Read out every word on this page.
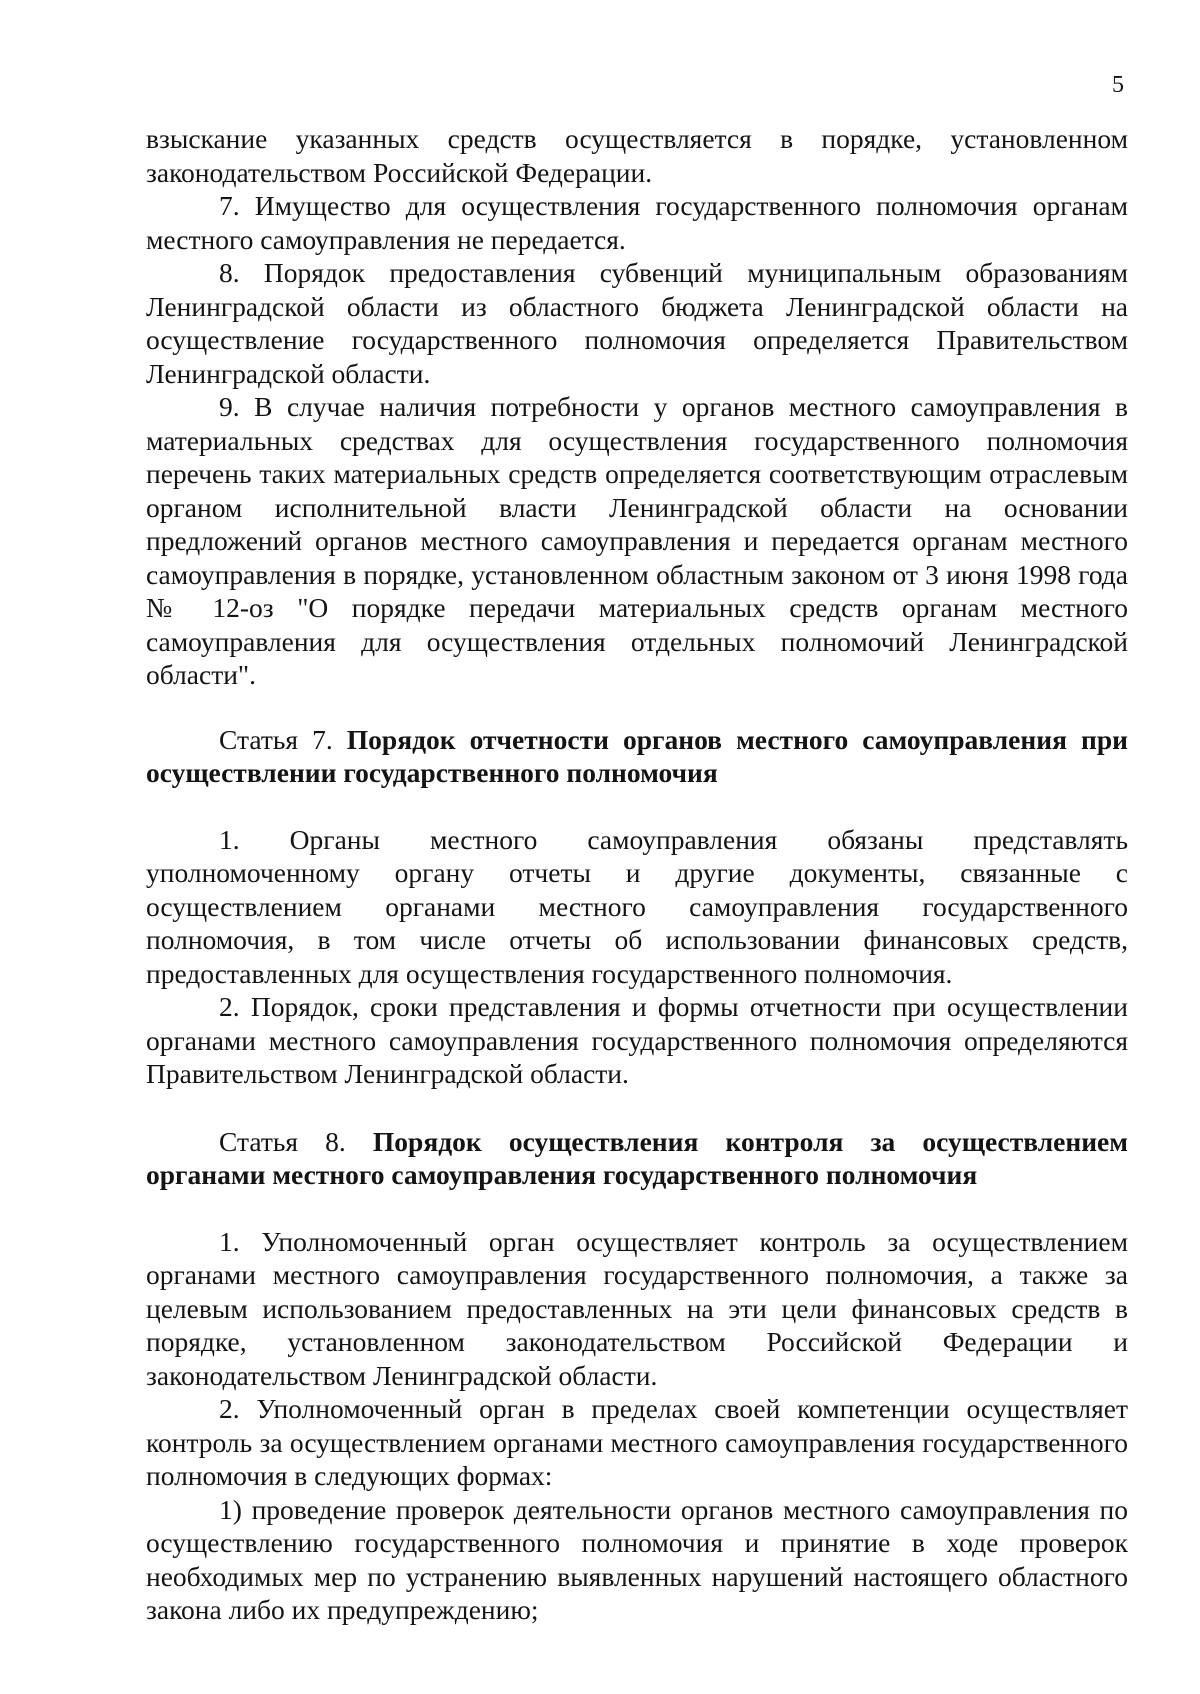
5

взыскание указанных средств осуществляется в порядке, установленном законодательством Российской Федерации.

7. Имущество для осуществления государственного полномочия органам местного самоуправления не передается.

8. Порядок предоставления субвенций муниципальным образованиям Ленинградской области из областного бюджета Ленинградской области на осуществление государственного полномочия определяется Правительством Ленинградской области.

9. В случае наличия потребности у органов местного самоуправления в материальных средствах для осуществления государственного полномочия перечень таких материальных средств определяется соответствующим отраслевым органом исполнительной власти Ленинградской области на основании предложений органов местного самоуправления и передается органам местного самоуправления в порядке, установленном областным законом от 3 июня 1998 года № 12-оз "О порядке передачи материальных средств органам местного самоуправления для осуществления отдельных полномочий Ленинградской области".

Статья 7. Порядок отчетности органов местного самоуправления при осуществлении государственного полномочия

1. Органы местного самоуправления обязаны представлять уполномоченному органу отчеты и другие документы, связанные с осуществлением органами местного самоуправления государственного полномочия, в том числе отчеты об использовании финансовых средств, предоставленных для осуществления государственного полномочия.

2. Порядок, сроки представления и формы отчетности при осуществлении органами местного самоуправления государственного полномочия определяются Правительством Ленинградской области.

Статья 8. Порядок осуществления контроля за осуществлением органами местного самоуправления государственного полномочия

1. Уполномоченный орган осуществляет контроль за осуществлением органами местного самоуправления государственного полномочия, а также за целевым использованием предоставленных на эти цели финансовых средств в порядке, установленном законодательством Российской Федерации и законодательством Ленинградской области.

2. Уполномоченный орган в пределах своей компетенции осуществляет контроль за осуществлением органами местного самоуправления государственного полномочия в следующих формах:

1) проведение проверок деятельности органов местного самоуправления по осуществлению государственного полномочия и принятие в ходе проверок необходимых мер по устранению выявленных нарушений настоящего областного закона либо их предупреждению;
